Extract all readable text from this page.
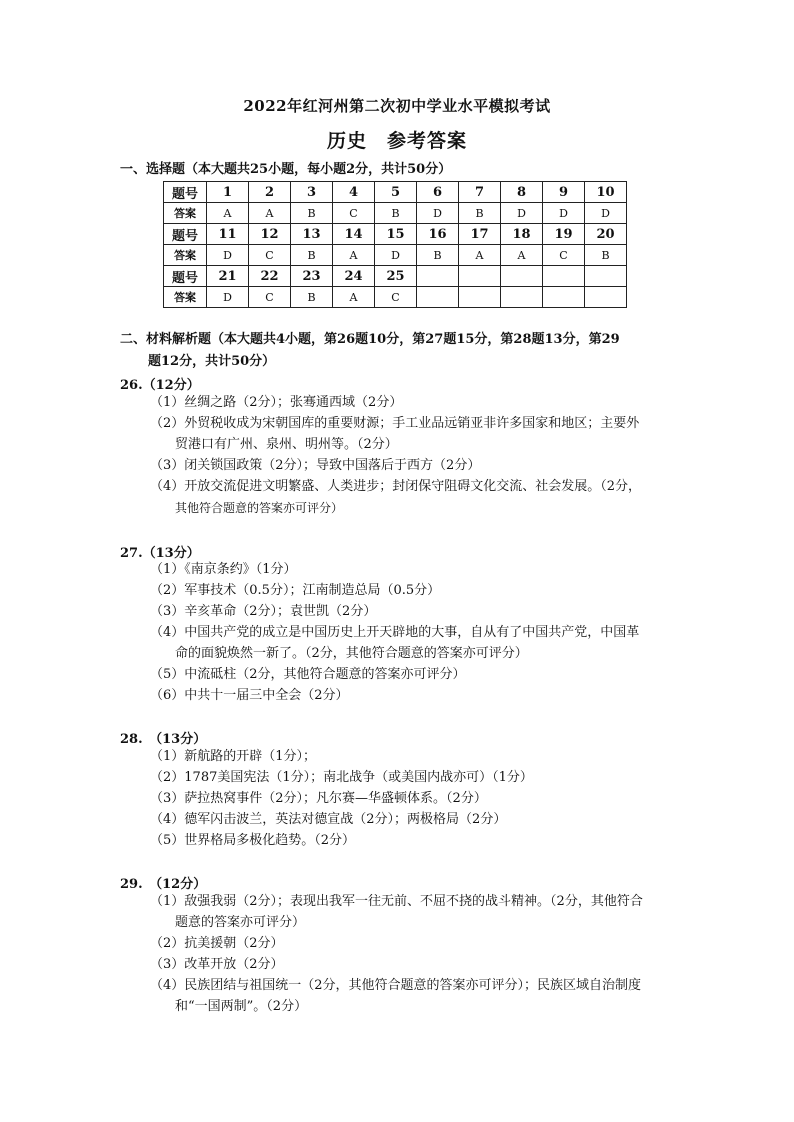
2022年红河州第二次初中学业水平模拟考试
历史　参考答案
一、选择题（本大题共25小题，每小题2分，共计50分）
题号	1	2	3	4	5	6	7	8	9	10
答案	A	A	B	C	B	D	B	D	D	D
题号	11	12	13	14	15	16	17	18	19	20
答案	D	C	B	A	D	B	A	A	C	B
题号	21	22	23	24	25					
答案	D	C	B	A	C					
二、材料解析题（本大题共4小题，第26题10分，第27题15分，第28题13分，第29
题12分，共计50分）
26.（12分）
（1）丝绸之路（2分）；张骞通西域（2分）
（2）外贸税收成为宋朝国库的重要财源；手工业品远销亚非许多国家和地区；主要外
贸港口有广州、泉州、明州等。（2分）
（3）闭关锁国政策（2分）；导致中国落后于西方（2分）
（4）开放交流促进文明繁盛、人类进步；封闭保守阻碍文化交流、社会发展。（2分，
其他符合题意的答案亦可评分）
27.（13分）
（1）《南京条约》（1分）
（2）军事技术（0.5分）；江南制造总局（0.5分）
（3）辛亥革命（2分）；袁世凯（2分）
（4）中国共产党的成立是中国历史上开天辟地的大事，自从有了中国共产党，中国革
命的面貌焕然一新了。（2分，其他符合题意的答案亦可评分）
（5）中流砥柱（2分，其他符合题意的答案亦可评分）
（6）中共十一届三中全会（2分）
28.　（13分）
（1）新航路的开辟（1分）；
（2）1787美国宪法（1分）；南北战争（或美国内战亦可）（1分）
（3）萨拉热窝事件（2分）；凡尔赛—华盛顿体系。（2分）
（4）德军闪击波兰，英法对德宣战（2分）；两极格局（2分）
（5）世界格局多极化趋势。（2分）
29.　（12分）
（1）敌强我弱（2分）；表现出我军一往无前、不屈不挠的战斗精神。（2分，其他符合
题意的答案亦可评分）
（2）抗美援朝（2分）
（3）改革开放（2分）
（4）民族团结与祖国统一（2分，其他符合题意的答案亦可评分）；民族区域自治制度
和“一国两制”。（2分）
